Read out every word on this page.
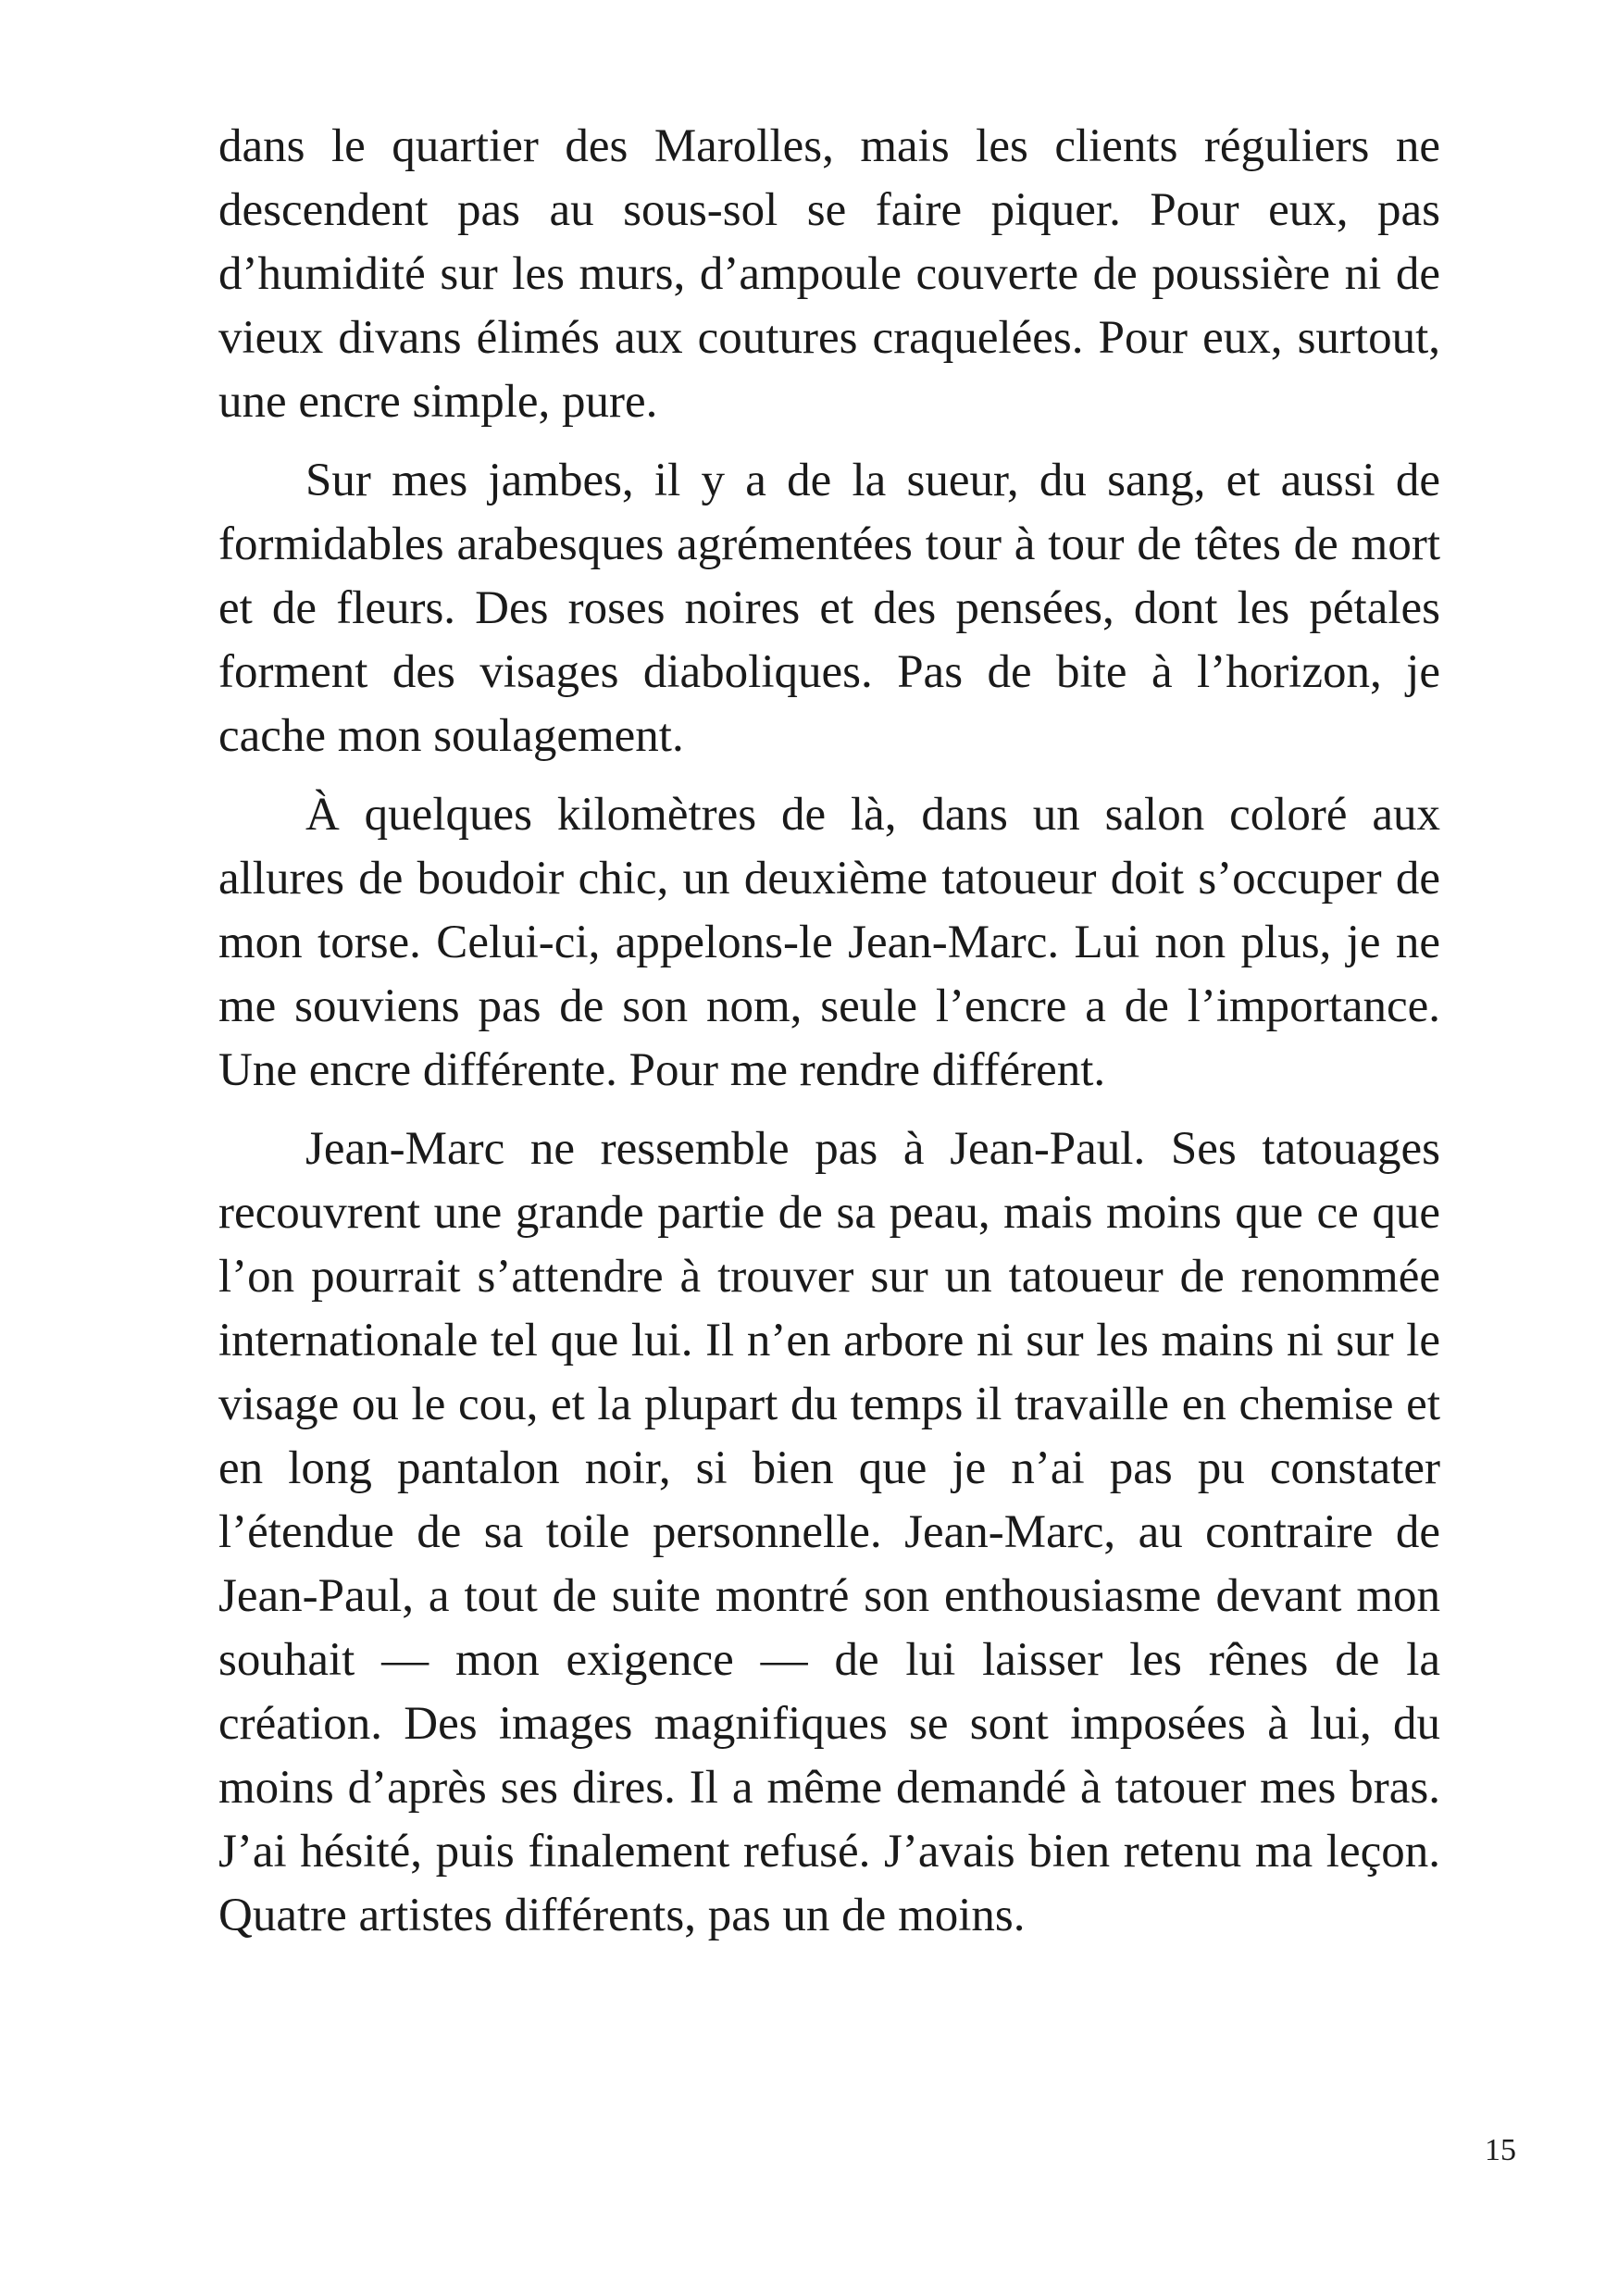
dans le quartier des Marolles, mais les clients réguliers ne descendent pas au sous-sol se faire piquer. Pour eux, pas d’humidité sur les murs, d’ampoule couverte de poussière ni de vieux divans élimés aux coutures craquelées. Pour eux, surtout, une encre simple, pure.

Sur mes jambes, il y a de la sueur, du sang, et aussi de formidables arabesques agrémentées tour à tour de têtes de mort et de fleurs. Des roses noires et des pensées, dont les pétales forment des visages diaboliques. Pas de bite à l’horizon, je cache mon soulagement.

À quelques kilomètres de là, dans un salon coloré aux allures de boudoir chic, un deuxième tatoueur doit s’occuper de mon torse. Celui-ci, appelons-le Jean-Marc. Lui non plus, je ne me souviens pas de son nom, seule l’encre a de l’importance. Une encre différente. Pour me rendre différent.

Jean-Marc ne ressemble pas à Jean-Paul. Ses tatouages recouvrent une grande partie de sa peau, mais moins que ce que l’on pourrait s’attendre à trouver sur un tatoueur de renommée internationale tel que lui. Il n’en arbore ni sur les mains ni sur le visage ou le cou, et la plupart du temps il travaille en chemise et en long pantalon noir, si bien que je n’ai pas pu constater l’étendue de sa toile personnelle. Jean-Marc, au contraire de Jean-Paul, a tout de suite montré son enthousiasme devant mon souhait — mon exigence — de lui laisser les rênes de la création. Des images magnifiques se sont imposées à lui, du moins d’après ses dires. Il a même demandé à tatouer mes bras. J’ai hésité, puis finalement refusé. J’avais bien retenu ma leçon. Quatre artistes différents, pas un de moins.

15
